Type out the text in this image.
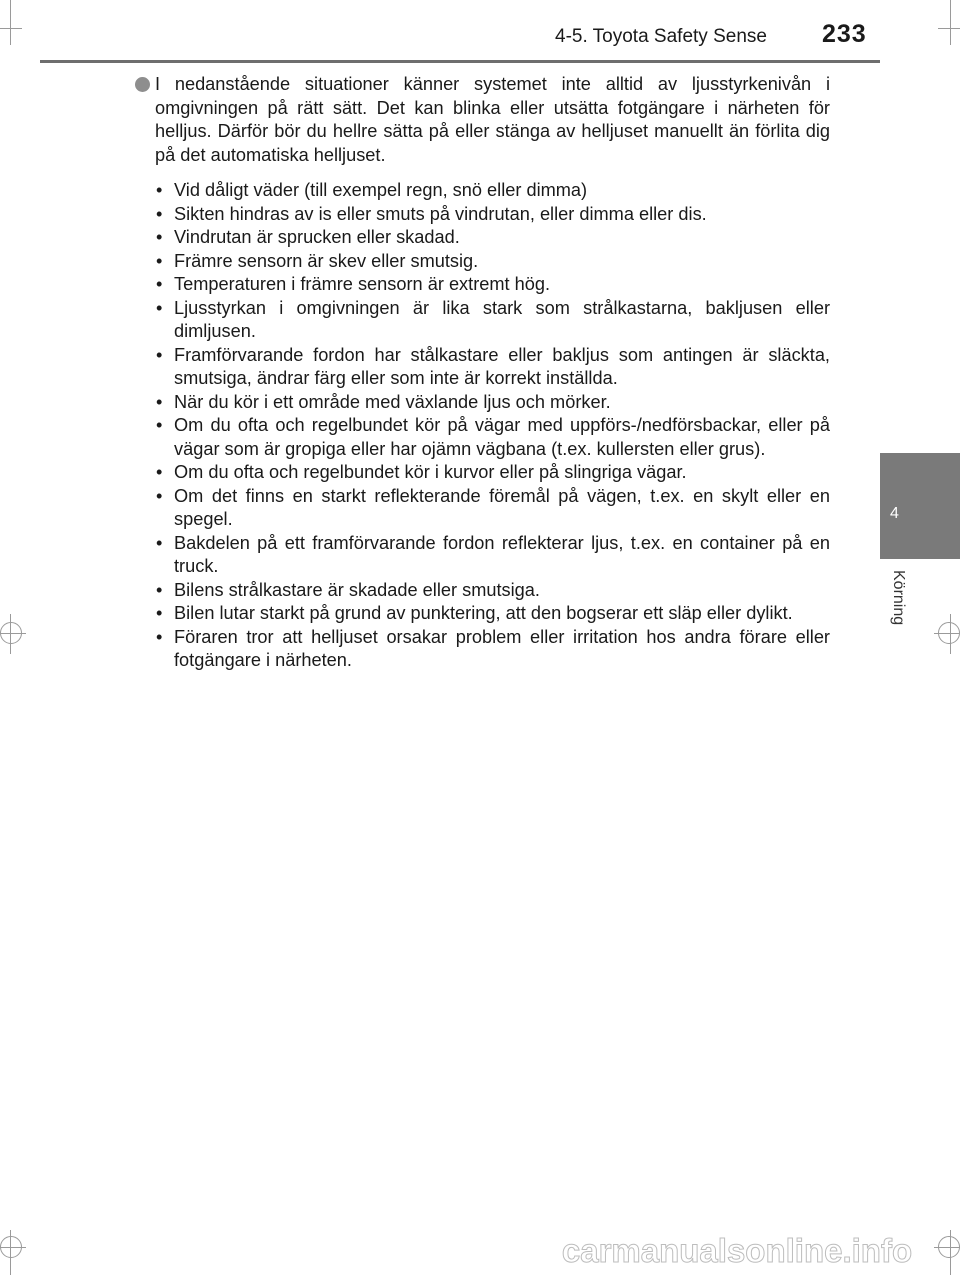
4-5. Toyota Safety Sense 233
4
Körning
I nedanstående situationer känner systemet inte alltid av ljusstyrkenivån i omgivningen på rätt sätt. Det kan blinka eller utsätta fotgängare i närheten för helljus. Därför bör du hellre sätta på eller stänga av helljuset manuellt än förlita dig på det automatiska helljuset.
• Vid dåligt väder (till exempel regn, snö eller dimma)
• Sikten hindras av is eller smuts på vindrutan, eller dimma eller dis.
• Vindrutan är sprucken eller skadad.
• Främre sensorn är skev eller smutsig.
• Temperaturen i främre sensorn är extremt hög.
• Ljusstyrkan i omgivningen är lika stark som strålkastarna, bakljusen eller dimljusen.
• Framförvarande fordon har stålkastare eller bakljus som antingen är släckta, smutsiga, ändrar färg eller som inte är korrekt inställda.
• När du kör i ett område med växlande ljus och mörker.
• Om du ofta och regelbundet kör på vägar med uppförs-/nedförsbackar, eller på vägar som är gropiga eller har ojämn vägbana (t.ex. kullersten eller grus).
• Om du ofta och regelbundet kör i kurvor eller på slingriga vägar.
• Om det finns en starkt reflekterande föremål på vägen, t.ex. en skylt eller en spegel.
• Bakdelen på ett framförvarande fordon reflekterar ljus, t.ex. en container på en truck.
• Bilens strålkastare är skadade eller smutsiga.
• Bilen lutar starkt på grund av punktering, att den bogserar ett släp eller dylikt.
• Föraren tror att helljuset orsakar problem eller irritation hos andra förare eller fotgängare i närheten.
carmanualsonline.info
